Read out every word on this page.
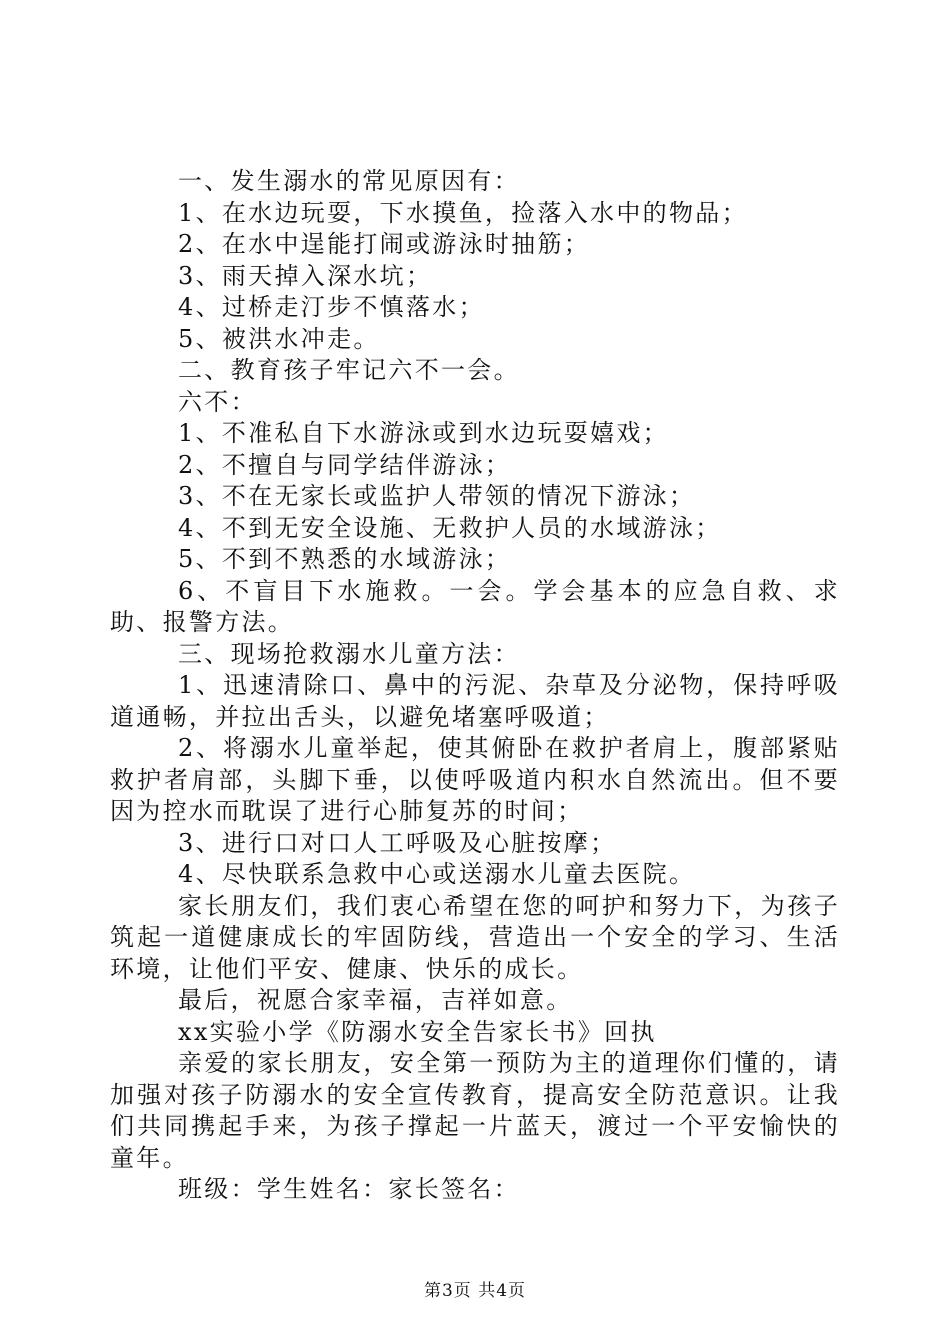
一、发生溺水的常见原因有：

1、在水边玩耍，下水摸鱼，捡落入水中的物品；

2、在水中逞能打闹或游泳时抽筋；

3、雨天掉入深水坑；

4、过桥走汀步不慎落水；

5、被洪水冲走。

二、教育孩子牢记六不一会。

六不：

1、不准私自下水游泳或到水边玩耍嬉戏；

2、不擅自与同学结伴游泳；

3、不在无家长或监护人带领的情况下游泳；

4、不到无安全设施、无救护人员的水域游泳；

5、不到不熟悉的水域游泳；

6、不盲目下水施救。一会。学会基本的应急自救、求助、报警方法。

三、现场抢救溺水儿童方法：

1、迅速清除口、鼻中的污泥、杂草及分泌物，保持呼吸道通畅，并拉出舌头，以避免堵塞呼吸道；

2、将溺水儿童举起，使其俯卧在救护者肩上，腹部紧贴救护者肩部，头脚下垂，以使呼吸道内积水自然流出。但不要因为控水而耽误了进行心肺复苏的时间；

3、进行口对口人工呼吸及心脏按摩；

4、尽快联系急救中心或送溺水儿童去医院。

家长朋友们，我们衷心希望在您的呵护和努力下，为孩子筑起一道健康成长的牢固防线，营造出一个安全的学习、生活环境，让他们平安、健康、快乐的成长。

最后，祝愿合家幸福，吉祥如意。

xx实验小学《防溺水安全告家长书》回执

亲爱的家长朋友，安全第一预防为主的道理你们懂的，请加强对孩子防溺水的安全宣传教育，提高安全防范意识。让我们共同携起手来，为孩子撑起一片蓝天，渡过一个平安愉快的童年。

班级：学生姓名：家长签名：

第3页 共4页
